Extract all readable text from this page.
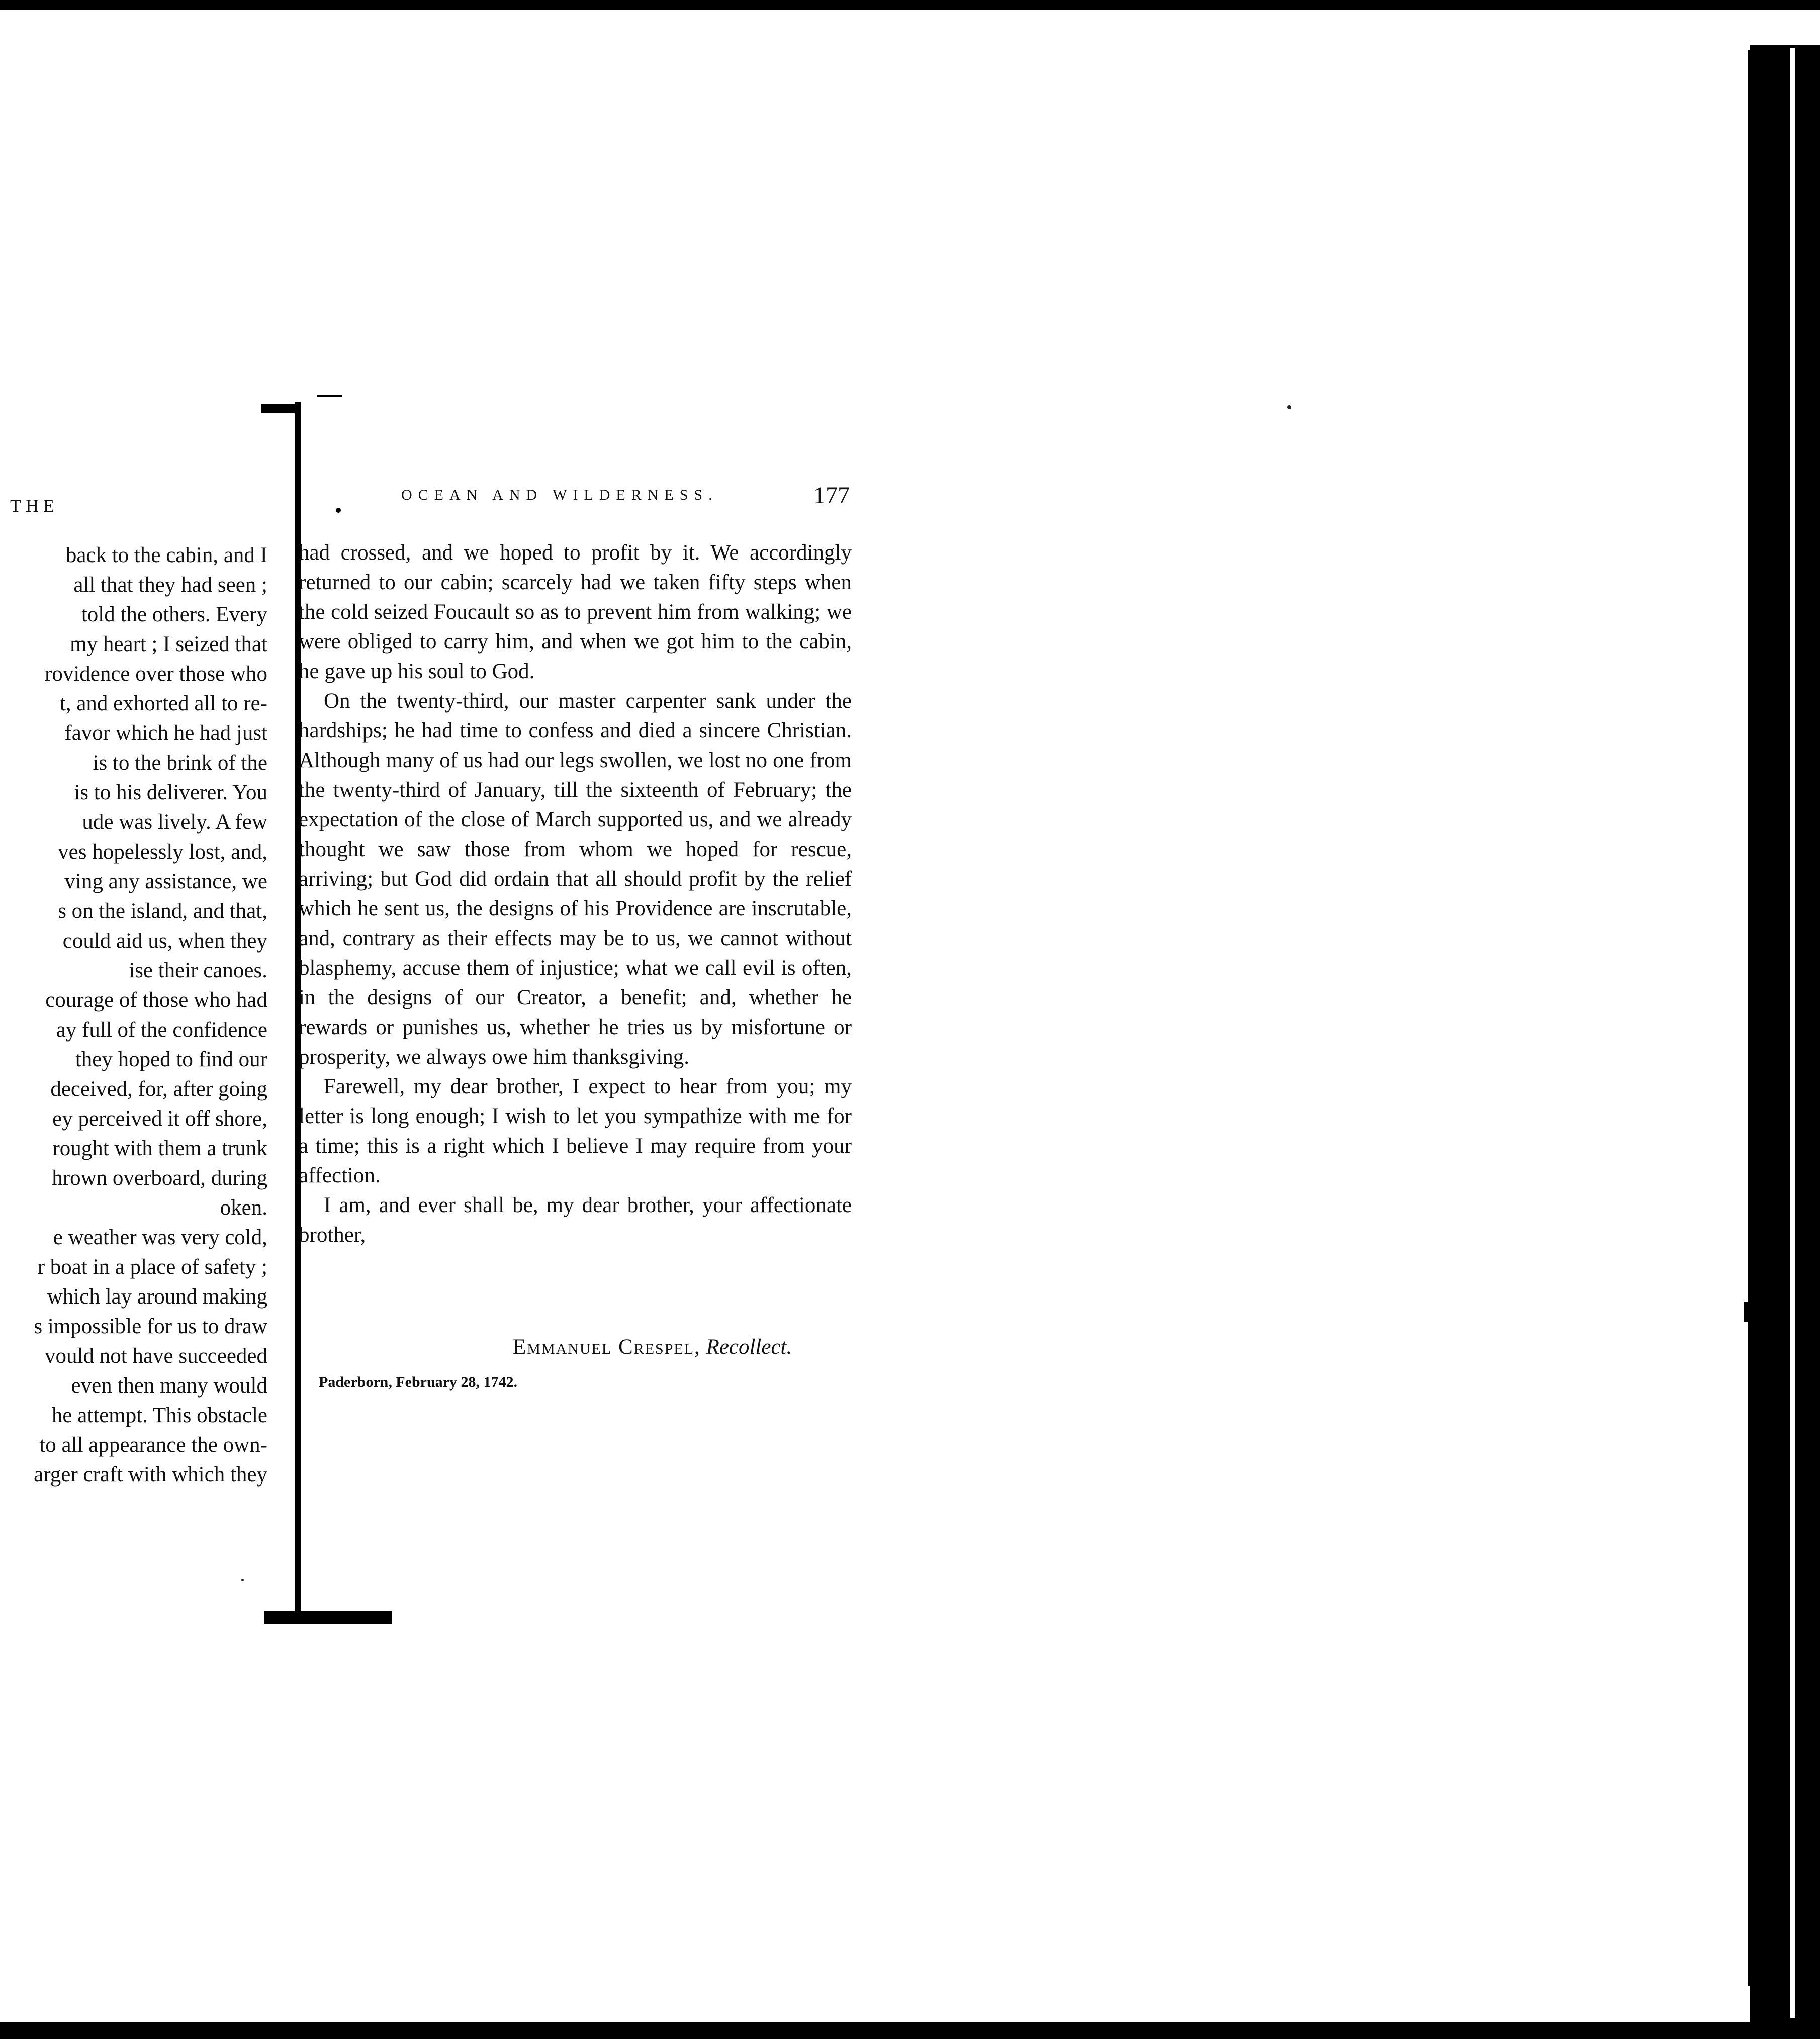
THE
back to the cabin, and I
all that they had seen ;
told the others. Every
my heart ; I seized that
rovidence over those who
t, and exhorted all to re-
favor which he had just
is to the brink of the
is to his deliverer. You
ude was lively. A few
ves hopelessly lost, and,
ving any assistance, we
s on the island, and that,
could aid us, when they
ise their canoes.
courage of those who had
ay full of the confidence
they hoped to find our
deceived, for, after going
ey perceived it off shore,
rought with them a trunk
hrown overboard, during
oken.
e weather was very cold,
r boat in a place of safety ;
which lay around making
s impossible for us to draw
vould not have succeeded
even then many would
he attempt. This obstacle
to all appearance the own-
arger craft with which they
OCEAN AND WILDERNESS.	177

had crossed, and we hoped to profit by it. We accordingly returned to our cabin; scarcely had we taken fifty steps when the cold seized Foucault so as to prevent him from walking; we were obliged to carry him, and when we got him to the cabin, he gave up his soul to God.

On the twenty-third, our master carpenter sank under the hardships; he had time to confess and died a sincere Christian. Although many of us had our legs swollen, we lost no one from the twenty-third of January, till the sixteenth of February; the expectation of the close of March supported us, and we already thought we saw those from whom we hoped for rescue, arriving; but God did ordain that all should profit by the relief which he sent us, the designs of his Providence are inscrutable, and, contrary as their effects may be to us, we cannot without blasphemy, accuse them of injustice; what we call evil is often, in the designs of our Creator, a benefit; and, whether he rewards or punishes us, whether he tries us by misfortune or prosperity, we always owe him thanksgiving.

Farewell, my dear brother, I expect to hear from you; my letter is long enough; I wish to let you sympathize with me for a time; this is a right which I believe I may require from your affection.

I am, and ever shall be, my dear brother, your affectionate brother,

Emmanuel Crespel, Recollect.
Paderborn, February 28, 1742.
